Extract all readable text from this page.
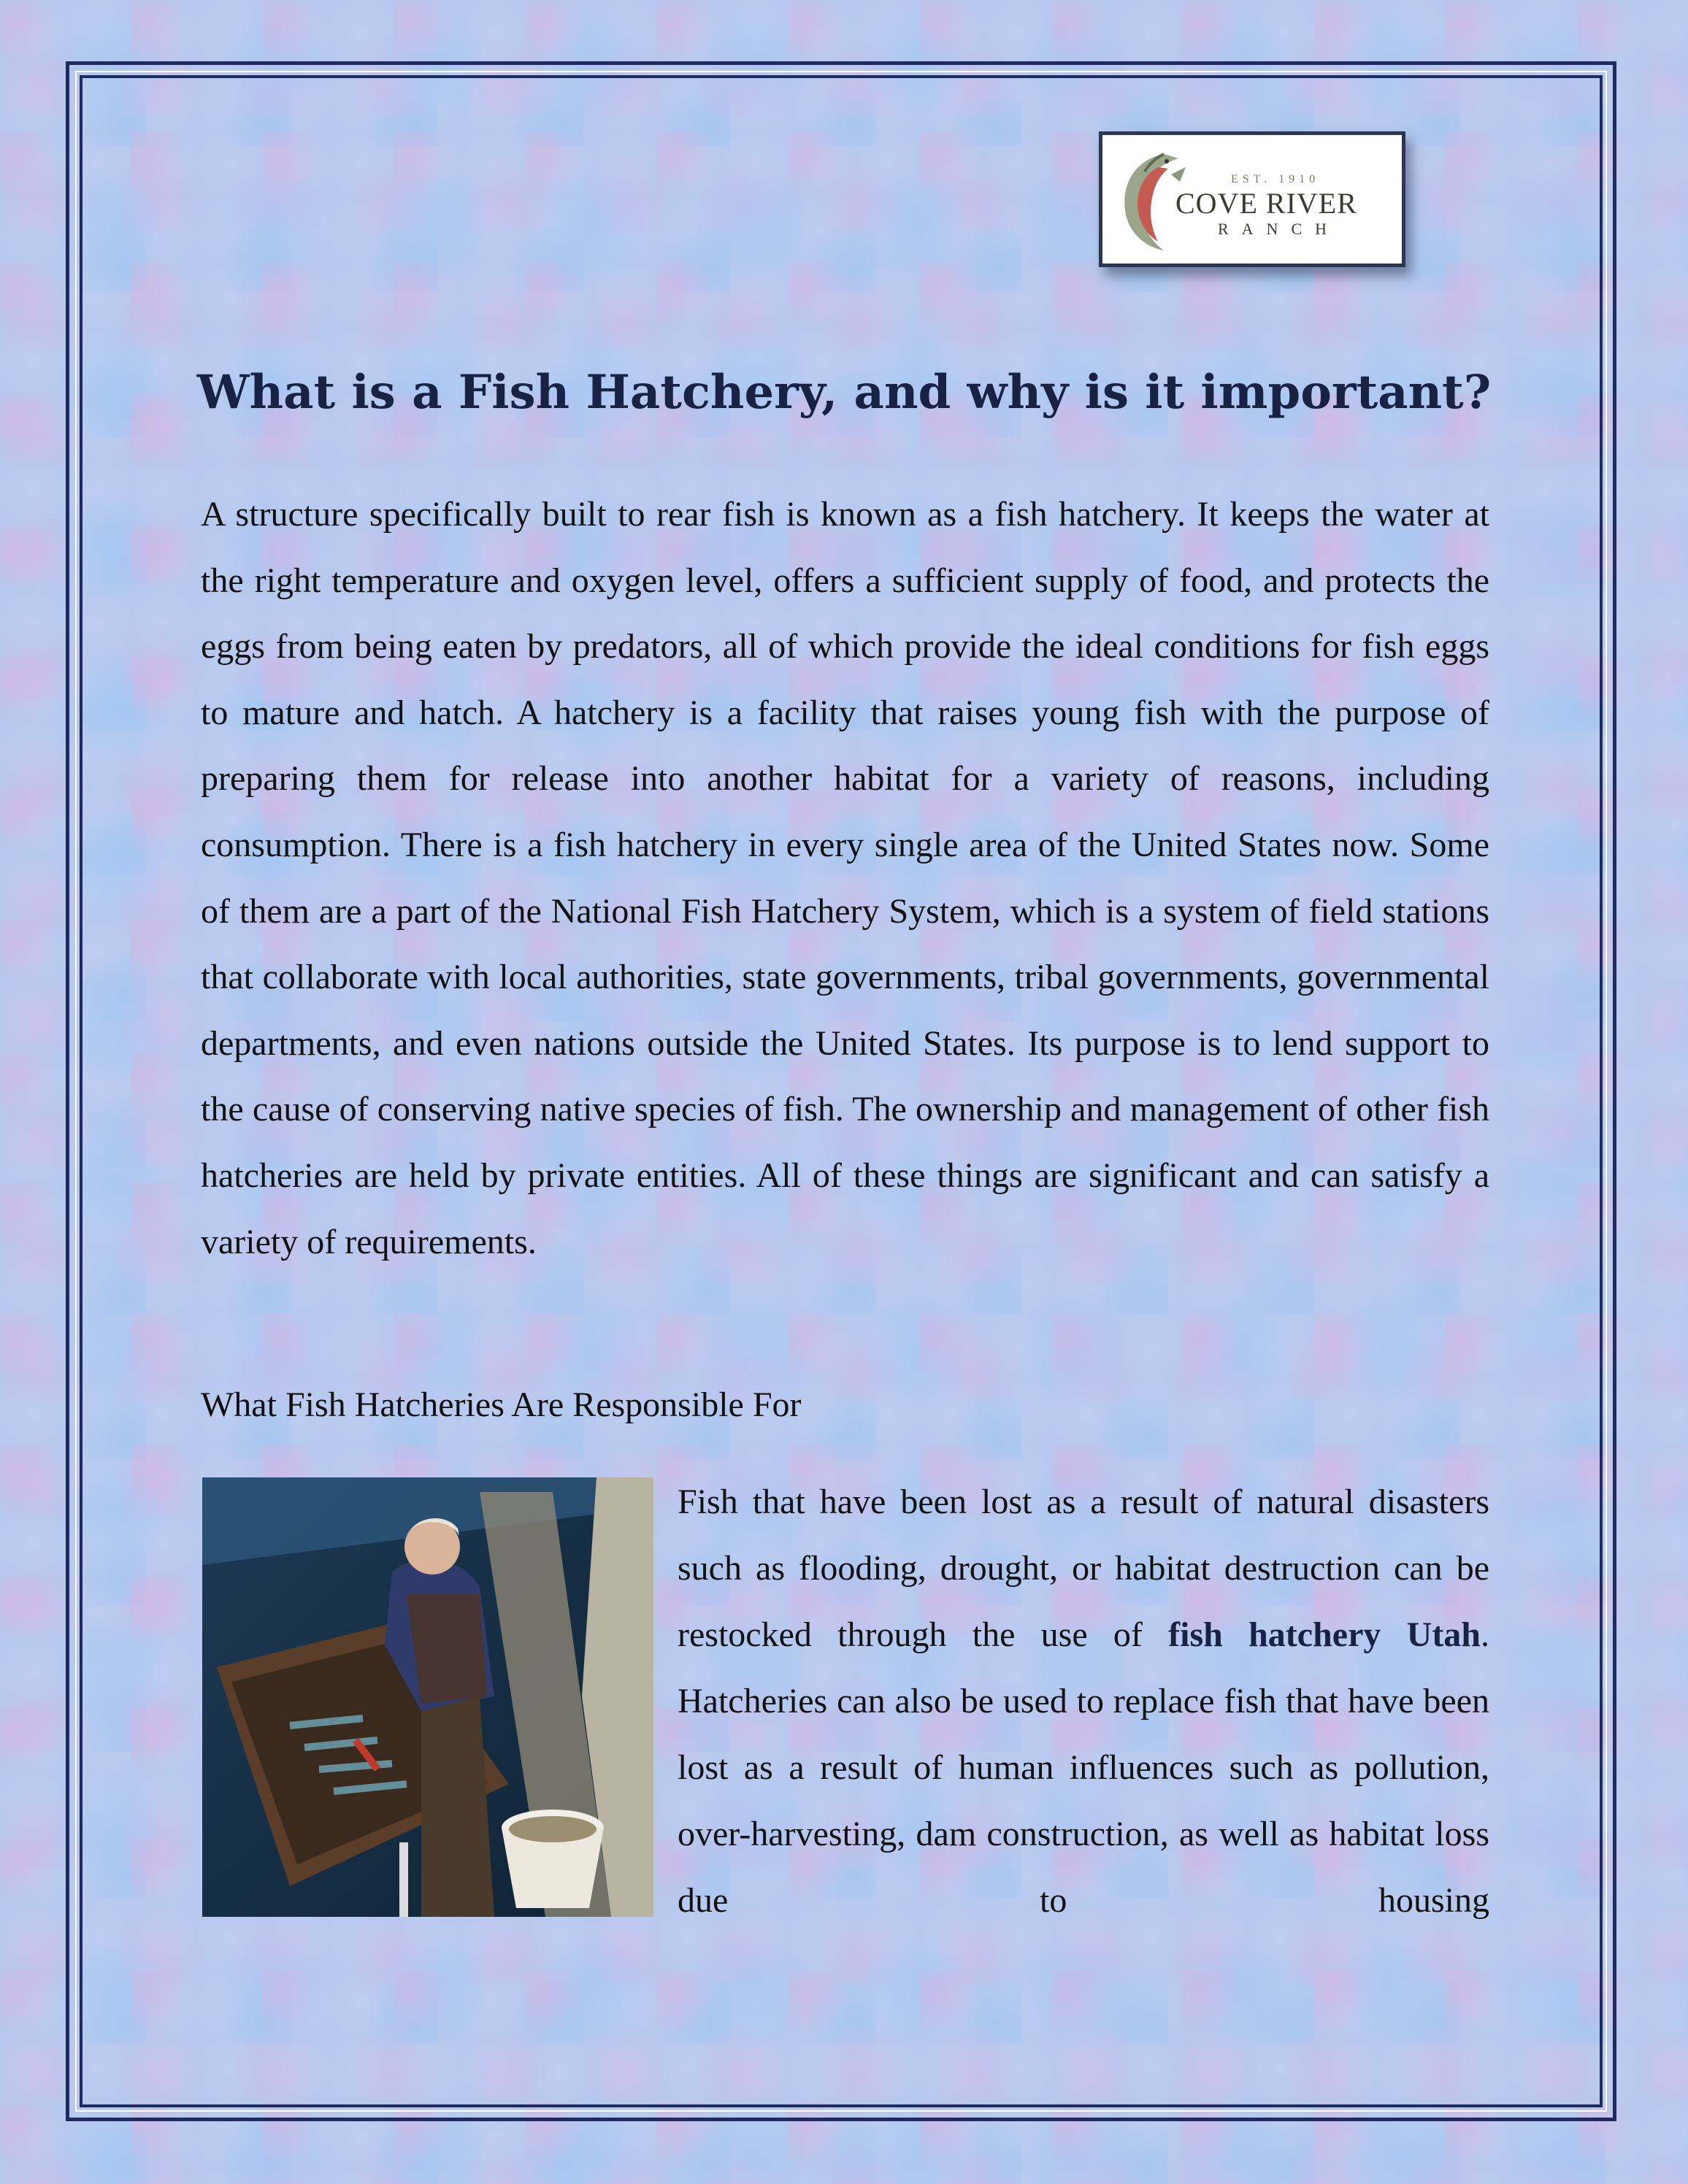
EST. 1910
COVE RIVER
RANCH
What is a Fish Hatchery, and why is it important?

A structure specifically built to rear fish is known as a fish hatchery. It keeps the water at the right temperature and oxygen level, offers a sufficient supply of food, and protects the eggs from being eaten by predators, all of which provide the ideal conditions for fish eggs to mature and hatch. A hatchery is a facility that raises young fish with the purpose of preparing them for release into another habitat for a variety of reasons, including consumption. There is a fish hatchery in every single area of the United States now. Some of them are a part of the National Fish Hatchery System, which is a system of field stations that collaborate with local authorities, state governments, tribal governments, governmental departments, and even nations outside the United States. Its purpose is to lend support to the cause of conserving native species of fish. The ownership and management of other fish hatcheries are held by private entities. All of these things are significant and can satisfy a variety of requirements.

What Fish Hatcheries Are Responsible For

Fish that have been lost as a result of natural disasters such as flooding, drought, or habitat destruction can be restocked through the use of fish hatchery Utah. Hatcheries can also be used to replace fish that have been lost as a result of human influences such as pollution, over-harvesting, dam construction, as well as habitat loss due to housing
